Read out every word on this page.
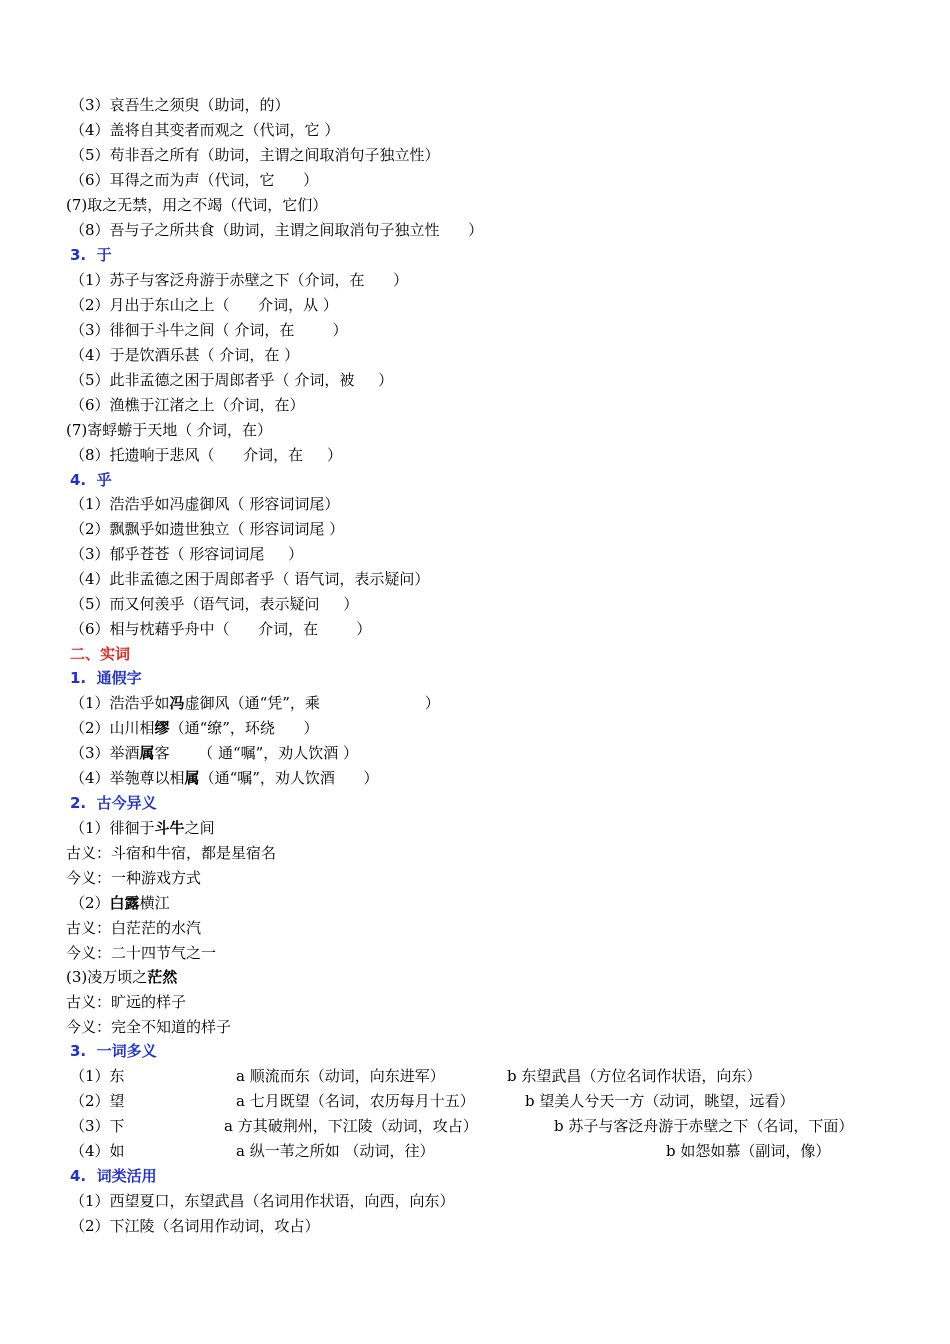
（3）哀吾生之须臾（助词，的）
（4）盖将自其变者而观之（代词，它 ）
（5）苟非吾之所有（助词，主谓之间取消句子独立性）
（6）耳得之而为声（代词，它      ）
(7)取之无禁，用之不竭（代词，它们）
（8）吾与子之所共食（助词，主谓之间取消句子独立性      ）
3.  于
（1）苏子与客泛舟游于赤壁之下（介词，在      ）
（2）月出于东山之上（      介词，从 ）
（3）徘徊于斗牛之间（ 介词，在        ）
（4）于是饮酒乐甚（ 介词，在 ）
（5）此非孟德之困于周郎者乎（ 介词，被     ）
（6）渔樵于江渚之上（介词，在）
(7)寄蜉蝣于天地（ 介词，在）
（8）托遗响于悲风（      介词，在     ）
4.  乎
（1）浩浩乎如冯虚御风（ 形容词词尾）
（2）飘飘乎如遗世独立（ 形容词词尾 ）
（3）郁乎苍苍（ 形容词词尾     ）
（4）此非孟德之困于周郎者乎（ 语气词，表示疑问）
（5）而又何羡乎（语气词，表示疑问     ）
（6）相与枕藉乎舟中（      介词，在        ）
二、实词
1.  通假字
（1）浩浩乎如冯虚御风（通“凭”，乘                      ）
（2）山川相缪（通“缭”，环绕      ）
（3）举酒属客      （ 通“嘱”，劝人饮酒 ）
（4）举匏尊以相属（通“嘱”，劝人饮酒      ）
2.  古今异义
（1）徘徊于斗牛之间
古义：斗宿和牛宿，都是星宿名
今义：一种游戏方式
（2）白露横江
古义：白茫茫的水汽
今义：二十四节气之一
(3)凌万顷之茫然
古义：旷远的样子
今义：完全不知道的样子
3.  一词多义
（1）东	a 顺流而东（动词，向东进军）	b 东望武昌（方位名词作状语，向东）
（2）望	a 七月既望（名词，农历每月十五）	b 望美人兮天一方（动词，眺望，远看）
（3）下	a 方其破荆州，下江陵（动词，攻占）	b 苏子与客泛舟游于赤壁之下（名词，下面）
（4）如	a 纵一苇之所如 （动词，往）	b 如怨如慕（副词，像）
4.  词类活用
（1）西望夏口，东望武昌（名词用作状语，向西，向东）
（2）下江陵（名词用作动词，攻占）
